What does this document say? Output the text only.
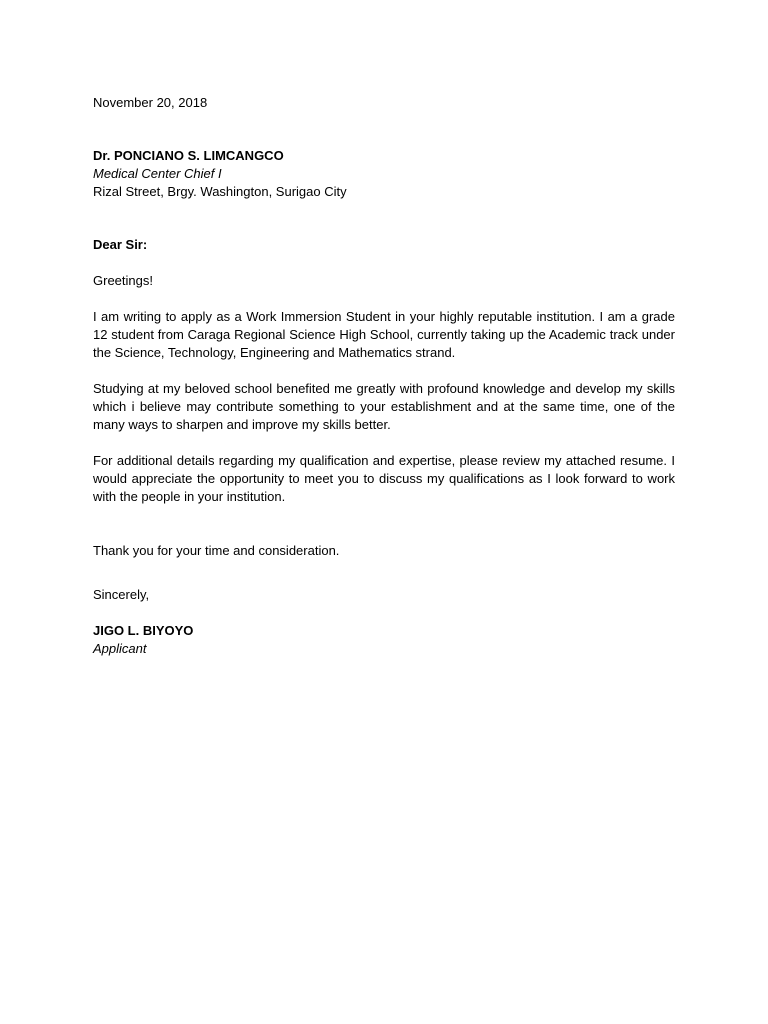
November 20, 2018

Dr. PONCIANO S. LIMCANGCO
Medical Center Chief I
Rizal Street, Brgy. Washington, Surigao City

Dear Sir:

Greetings!

I am writing to apply as a Work Immersion Student in your highly reputable institution. I am a grade 12 student from Caraga Regional Science High School, currently taking up the Academic track under the Science, Technology, Engineering and Mathematics strand.

Studying at my beloved school benefited me greatly with profound knowledge and develop my skills which i believe may contribute something to your establishment and at the same time, one of the many ways to sharpen and improve my skills better.

For additional details regarding my qualification and expertise, please review my attached resume. I would appreciate the opportunity to meet you to discuss my qualifications as I look forward to work with the people in your institution.

Thank you for your time and consideration.

Sincerely,

JIGO L. BIYOYO
Applicant
